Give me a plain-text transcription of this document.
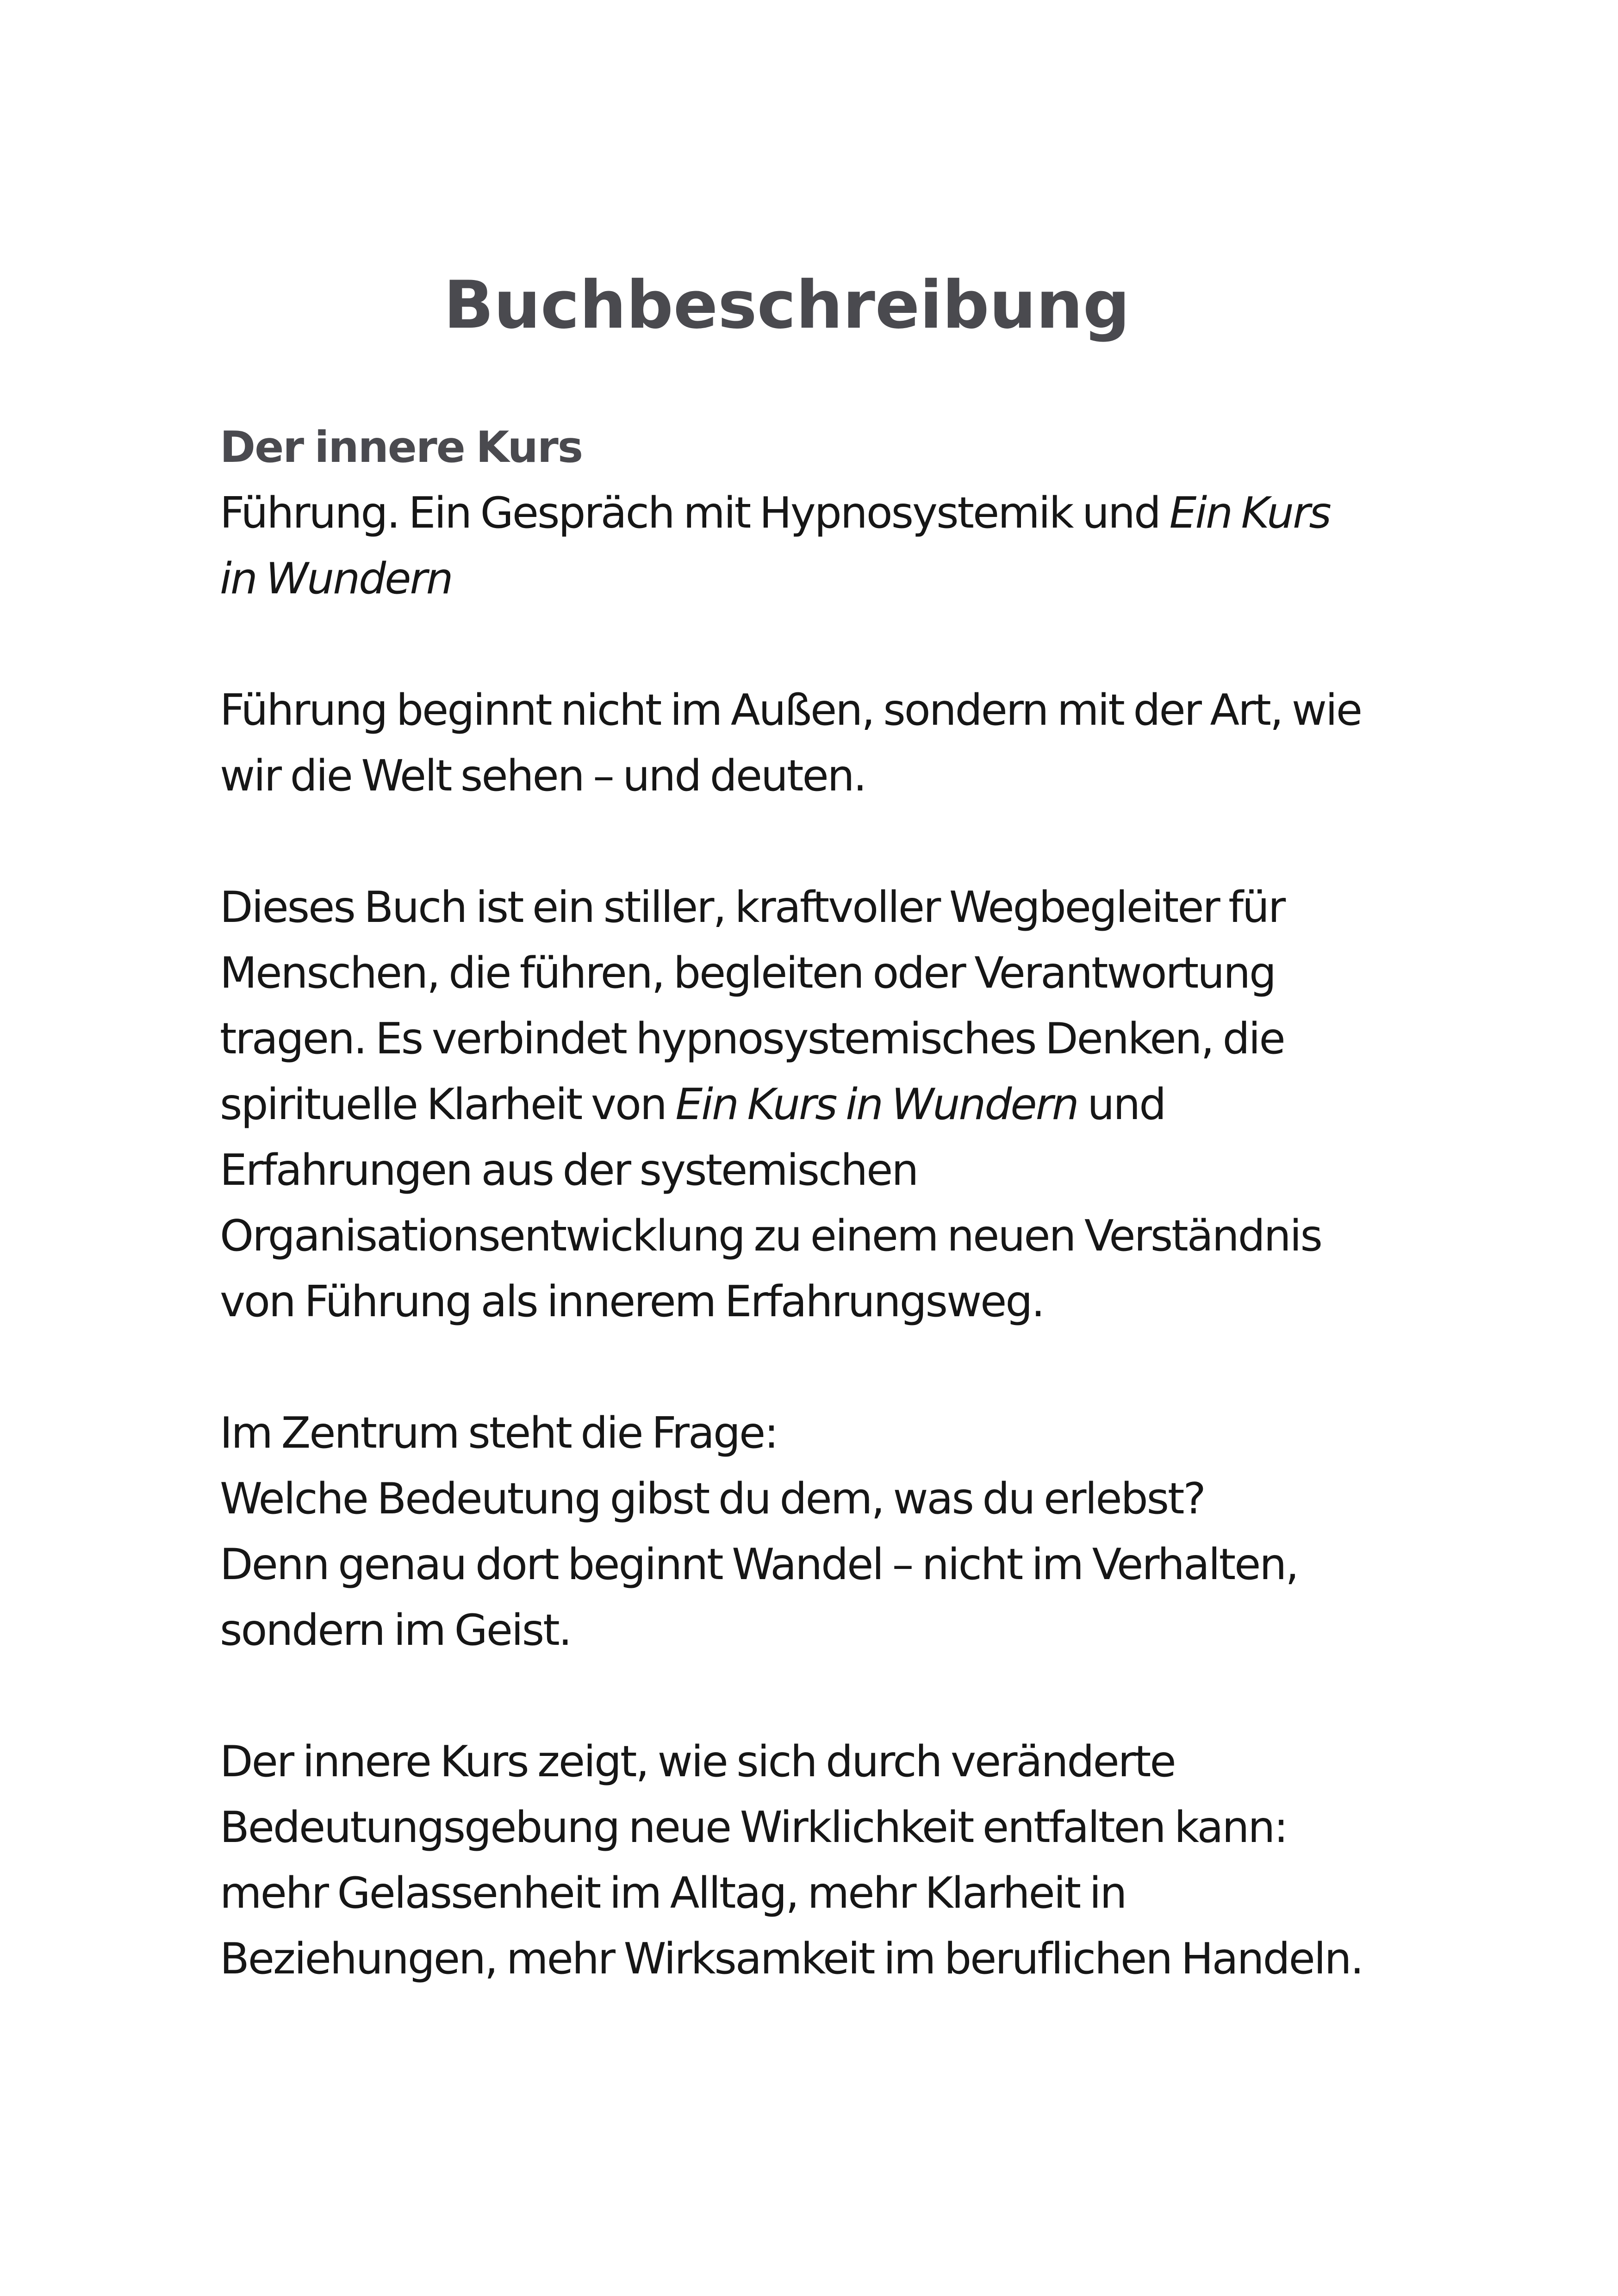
Buchbeschreibung
Der innere Kurs
Führung. Ein Gespräch mit Hypnosystemik und Ein Kurs
in Wundern
Führung beginnt nicht im Außen, sondern mit der Art, wie
wir die Welt sehen – und deuten.
Dieses Buch ist ein stiller, kraftvoller Wegbegleiter für
Menschen, die führen, begleiten oder Verantwortung
tragen. Es verbindet hypnosystemisches Denken, die
spirituelle Klarheit von Ein Kurs in Wundern und
Erfahrungen aus der systemischen
Organisationsentwicklung zu einem neuen Verständnis
von Führung als innerem Erfahrungsweg.
Im Zentrum steht die Frage:
Welche Bedeutung gibst du dem, was du erlebst?
Denn genau dort beginnt Wandel – nicht im Verhalten,
sondern im Geist.
Der innere Kurs zeigt, wie sich durch veränderte
Bedeutungsgebung neue Wirklichkeit entfalten kann:
mehr Gelassenheit im Alltag, mehr Klarheit in
Beziehungen, mehr Wirksamkeit im beruflichen Handeln.
